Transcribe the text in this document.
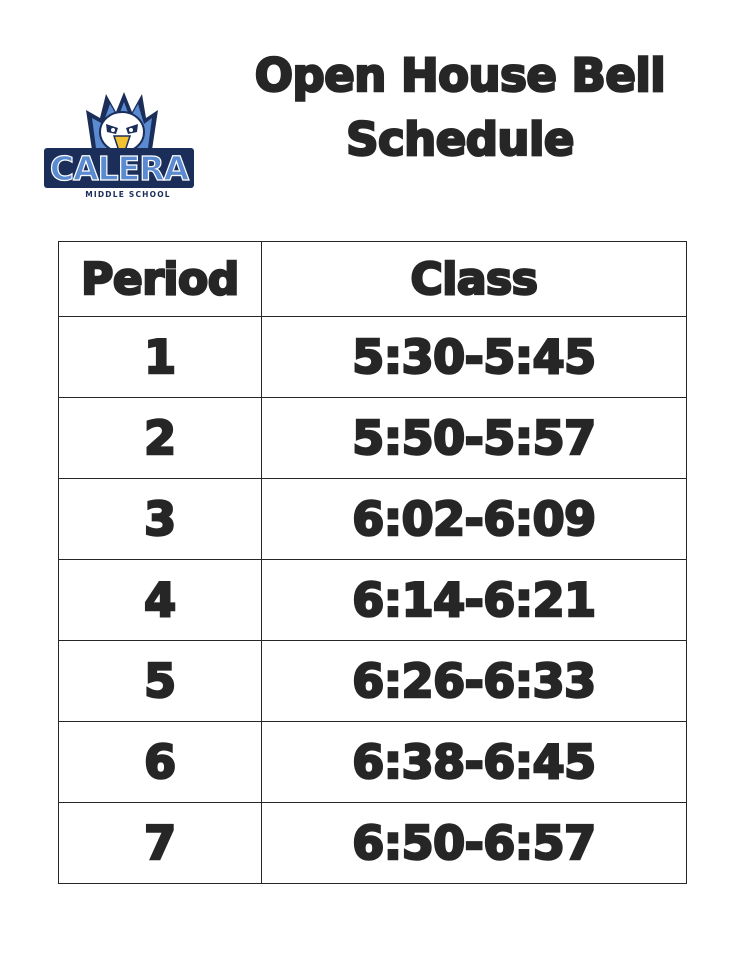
CALERA
MIDDLE SCHOOL
Open House Bell
Schedule
Period	Class
1	5:30-5:45
2	5:50-5:57
3	6:02-6:09
4	6:14-6:21
5	6:26-6:33
6	6:38-6:45
7	6:50-6:57
